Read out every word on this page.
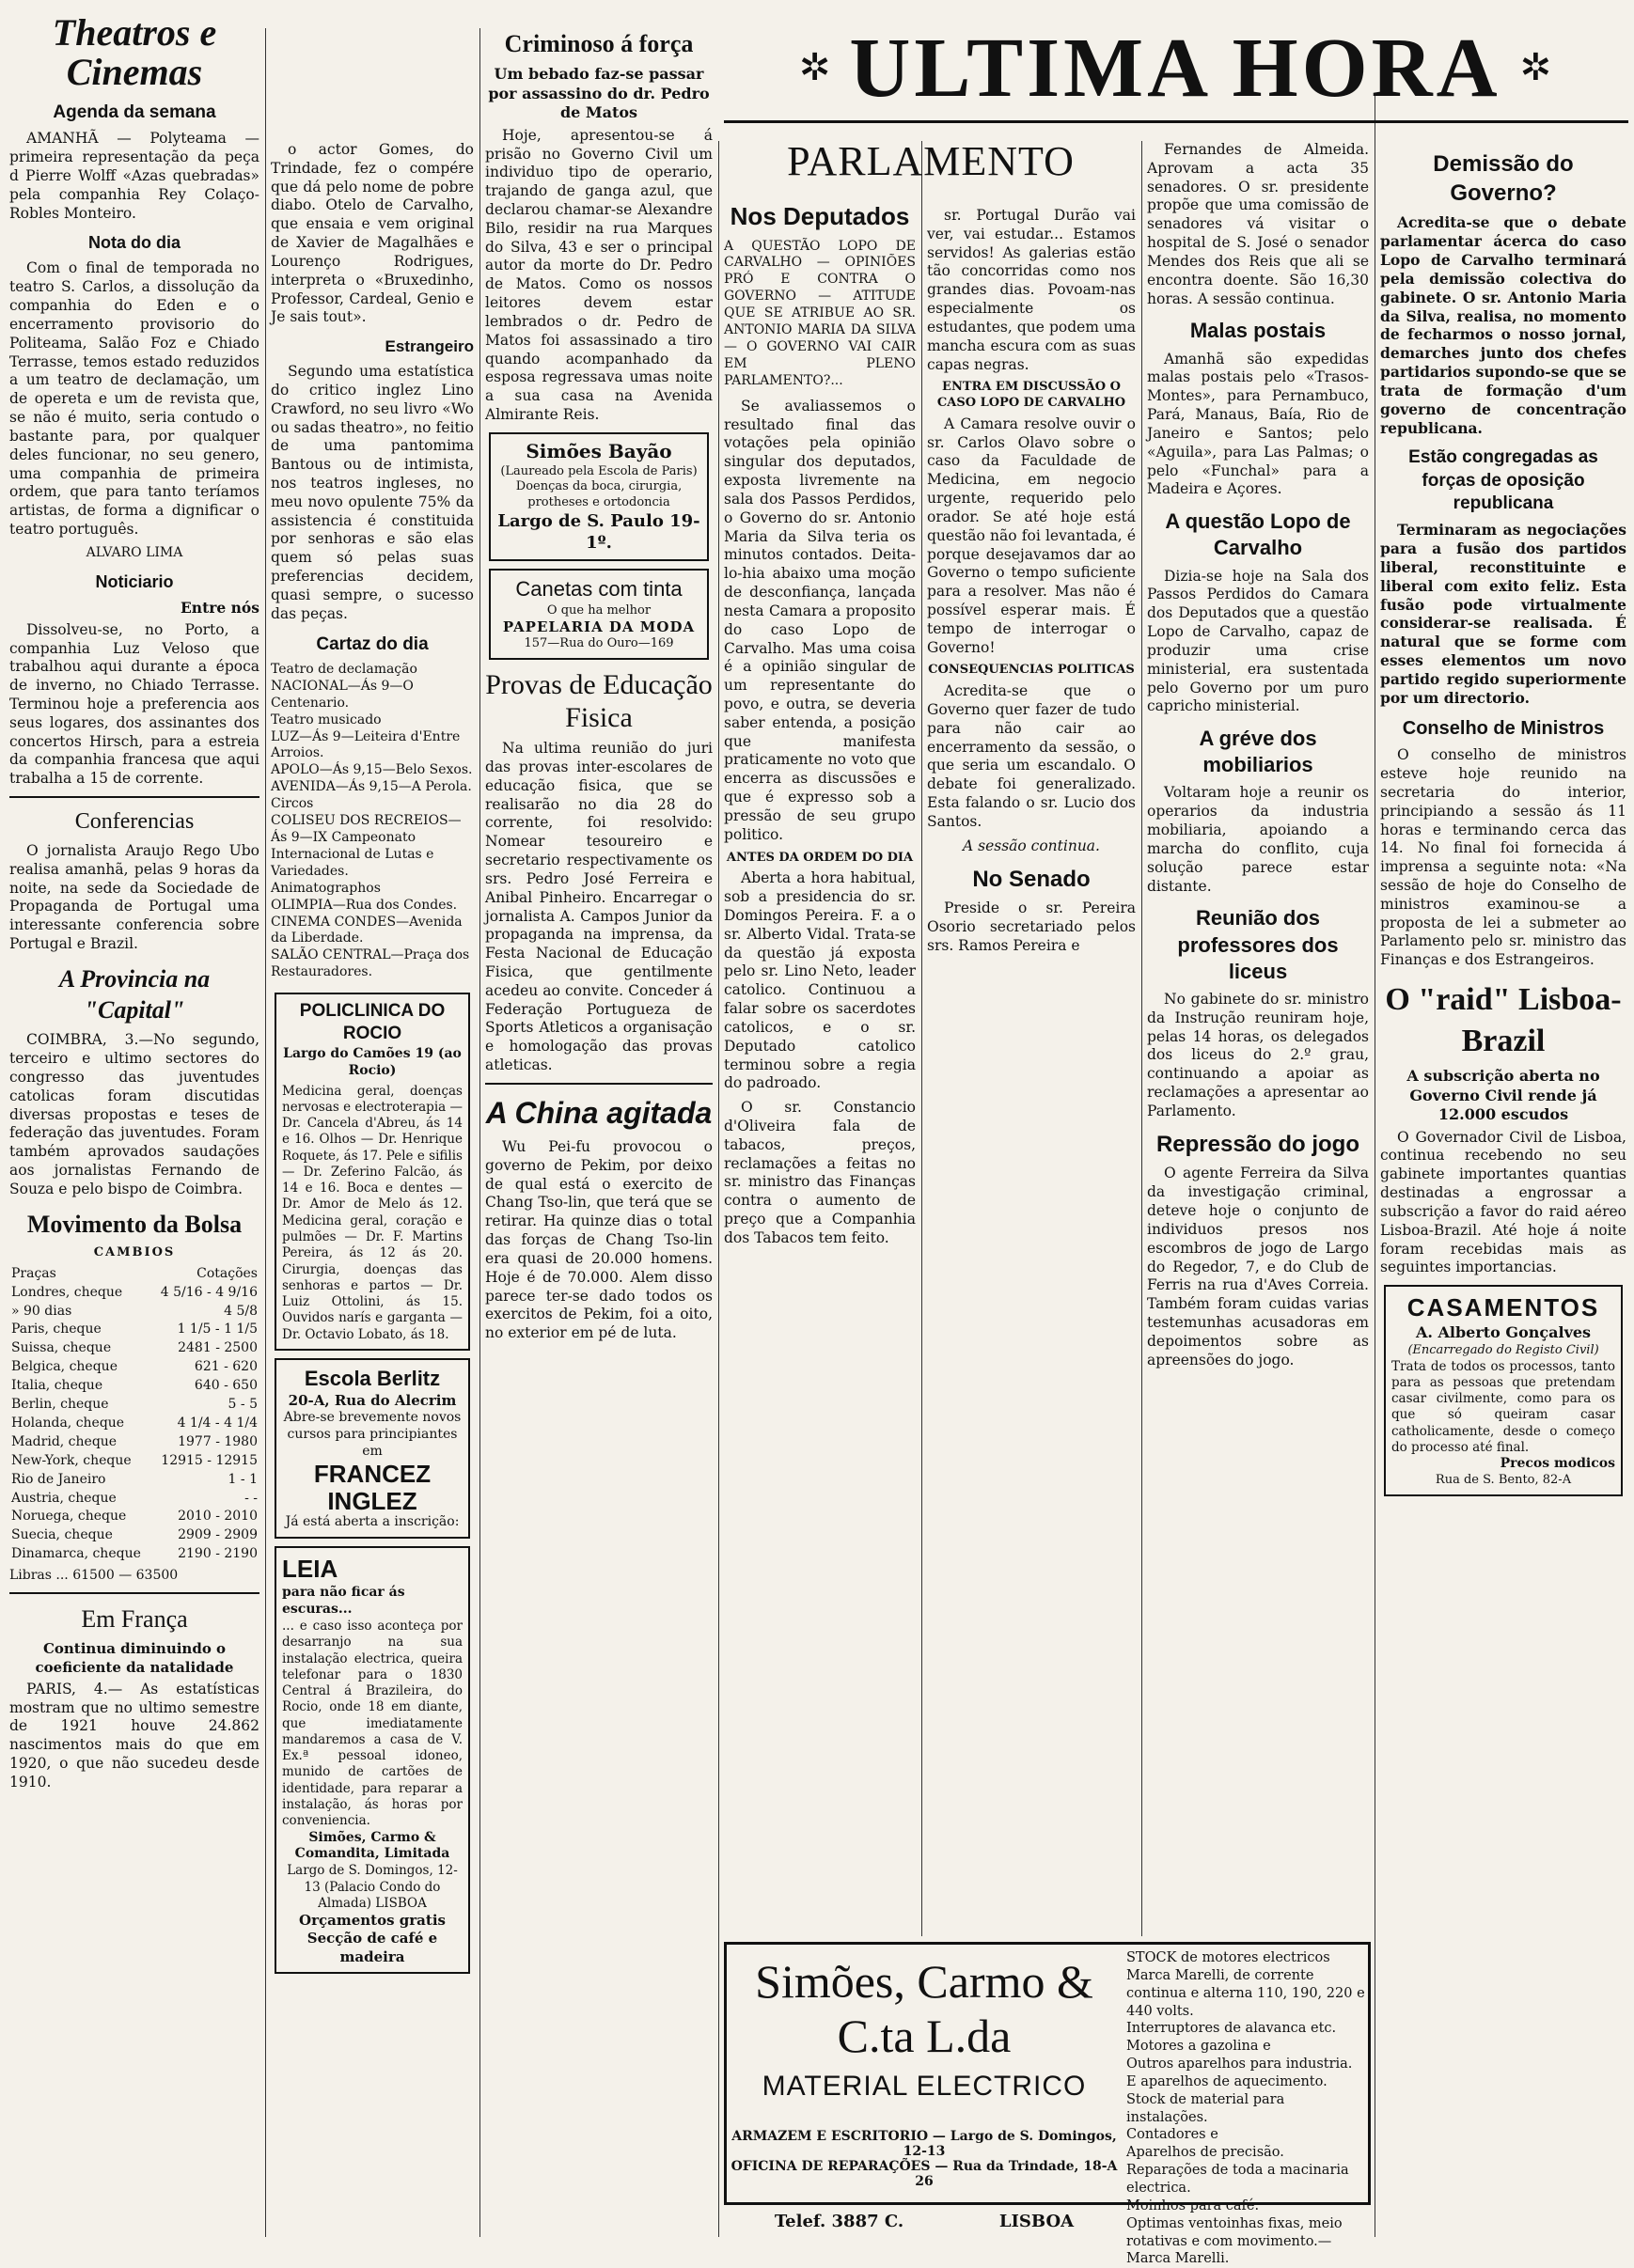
Theatros e Cinemas
Agenda da semana

AMANHÃ — Polyteama — primeira representação da peça d Pierre Wolff «Azas quebradas» pela companhia Rey Colaço-Robles Monteiro.

Nota do dia

Com o final de temporada no teatro S. Carlos, a dissolução da companhia do Eden e o encerramento provisorio do Politeama, Salão Foz e Chiado Terrasse, temos estado reduzidos a um teatro de declamação, um de opereta e um de revista que, se não é muito, seria contudo o bastante para, por qualquer deles funcionar, no seu genero, uma companhia de primeira ordem, que para tanto teríamos artistas, de forma a dignificar o teatro português.

ALVARO LIMA
Noticiario
Entre nós

Dissolveu-se, no Porto, a companhia Luz Veloso que trabalhou aqui durante a época de inverno, no Chiado Terrasse. Terminou hoje a preferencia aos seus logares, dos assinantes dos concertos Hirsch, para a estreia da companhia francesa que aqui trabalha a 15 de corrente.

Conferencias

O jornalista Araujo Rego Ubo realisa amanhã, pelas 9 horas da noite, na sede da Sociedade de Propaganda de Portugal uma interessante conferencia sobre Portugal e Brazil.

A Provincia na "Capital"

COIMBRA, 3.—No segundo, terceiro e ultimo sectores do congresso das juventudes catolicas foram discutidas diversas propostas e teses de federação das juventudes. Foram também aprovados saudações aos jornalistas Fernando de Souza e pelo bispo de Coimbra.

Movimento da Bolsa
CAMBIOS
Praças	Cotações
Londres, cheque	4 5/16 - 4 9/16
» 90 dias	4 5/8
Paris, cheque	1 1/5 - 1 1/5
Suissa, cheque	2481 - 2500
Belgica, cheque	621 - 620
Italia, cheque	640 - 650
Berlin, cheque	5 - 5
Holanda, cheque	4 1/4 - 4 1/4
Madrid, cheque	1977 - 1980
New-York, cheque	12915 - 12915
Rio de Janeiro	1 - 1
Austria, cheque	- -
Noruega, cheque	2010 - 2010
Suecia, cheque	2909 - 2909
Dinamarca, cheque	2190 - 2190
Libras ... 61500 — 63500
Em França
Continua diminuindo o coeficiente da natalidade

PARIS, 4.— As estatísticas mostram que no ultimo semestre de 1921 houve 24.862 nascimentos mais do que em 1920, o que não sucedeu desde 1910.

o actor Gomes, do Trindade, fez o compére que dá pelo nome de pobre diabo. Otelo de Carvalho, que ensaia e vem original de Xavier de Magalhães e Lourenço Rodrigues, interpreta o «Bruxedinho, Professor, Cardeal, Genio e Je sais tout».

Estrangeiro

Segundo uma estatística do critico inglez Lino Crawford, no seu livro «Wo ou sadas theatro», no feitio de uma pantomima Bantous ou de intimista, nos teatros ingleses, no meu novo opulente 75% da assistencia é constituida por senhoras e são elas quem só pelas suas preferencias decidem, quasi sempre, o sucesso das peças.

Cartaz do dia
Teatro de declamação
NACIONAL—Ás 9—O Centenario.
Teatro musicado
LUZ—Ás 9—Leiteira d'Entre Arroios.
APOLO—Ás 9,15—Belo Sexos.
AVENIDA—Ás 9,15—A Perola.
Circos
COLISEU DOS RECREIOS—Ás 9—IX Campeonato Internacional de Lutas e Variedades.
Animatographos
OLIMPIA—Rua dos Condes.
CINEMA CONDES—Avenida da Liberdade.
SALÃO CENTRAL—Praça dos Restauradores.
POLICLINICA DO ROCIO
Largo do Camões 19 (ao Rocio)
Medicina geral, doenças nervosas e electroterapia — Dr. Cancela d'Abreu, ás 14 e 16. Olhos — Dr. Henrique Roquete, ás 17. Pele e sifilis — Dr. Zeferino Falcão, ás 14 e 16. Boca e dentes — Dr. Amor de Melo ás 12. Medicina geral, coração e pulmões — Dr. F. Martins Pereira, ás 12 ás 20. Cirurgia, doenças das senhoras e partos — Dr. Luiz Ottolini, ás 15. Ouvidos narís e garganta — Dr. Octavio Lobato, ás 18.
Escola Berlitz
20-A, Rua do Alecrim
Abre-se brevemente novos cursos para principiantes em
FRANCEZ INGLEZ
Já está aberta a inscrição:
LEIA
para não ficar ás escuras...
... e caso isso aconteça por desarranjo na sua instalação electrica, queira telefonar para o 1830 Central á Brazileira, do Rocio, onde 18 em diante, que imediatamente mandaremos a casa de V. Ex.ª pessoal idoneo, munido de cartões de identidade, para reparar a instalação, ás horas por conveniencia.
Simões, Carmo & Comandita, Limitada
Largo de S. Domingos, 12-13 (Palacio Condo do Almada) LISBOA
Orçamentos gratis
Secção de café e madeira
Criminoso á força
Um bebado faz-se passar por assassino do dr. Pedro de Matos

Hoje, apresentou-se á prisão no Governo Civil um individuo tipo de operario, trajando de ganga azul, que declarou chamar-se Alexandre Bilo, residir na rua Marques do Silva, 43 e ser o principal autor da morte do Dr. Pedro de Matos. Como os nossos leitores devem estar lembrados o dr. Pedro de Matos foi assassinado a tiro quando acompanhado da esposa regressava umas noite a sua casa na Avenida Almirante Reis.

Simões Bayão
(Laureado pela Escola de Paris)
Doenças da boca, cirurgia, protheses e ortodoncia
Largo de S. Paulo 19-1º.
Canetas com tinta
O que ha melhor
PAPELARIA DA MODA
157—Rua do Ouro—169
Provas de Educação Fisica

Na ultima reunião do juri das provas inter-escolares de educação fisica, que se realisarão no dia 28 do corrente, foi resolvido: Nomear tesoureiro e secretario respectivamente os srs. Pedro José Ferreira e Anibal Pinheiro. Encarregar o jornalista A. Campos Junior da propaganda na imprensa, da Festa Nacional de Educação Fisica, que gentilmente acedeu ao convite. Conceder á Federação Portugueza de Sports Atleticos a organisação e homologação das provas atleticas.

A China agitada

Wu Pei-fu provocou o governo de Pekim, por deixo de qual está o exercito de Chang Tso-lin, que terá que se retirar. Ha quinze dias o total das forças de Chang Tso-lin era quasi de 20.000 homens. Hoje é de 70.000. Alem disso parece ter-se dado todos os exercitos de Pekim, foi a oito, no exterior em pé de luta.

✲ ULTIMA HORA ✲
PARLAMENTO
Nos Deputados
A QUESTÃO LOPO DE CARVALHO — OPINIÕES PRÓ E CONTRA O GOVERNO — ATITUDE QUE SE ATRIBUE AO SR. ANTONIO MARIA DA SILVA — O GOVERNO VAI CAIR EM PLENO PARLAMENTO?...

Se avaliassemos o resultado final das votações pela opinião singular dos deputados, exposta livremente na sala dos Passos Perdidos, o Governo do sr. Antonio Maria da Silva teria os minutos contados. Deita-lo-hia abaixo uma moção de desconfiança, lançada nesta Camara a proposito do caso Lopo de Carvalho. Mas uma coisa é a opinião singular de um representante do povo, e outra, se deveria saber entenda, a posição que manifesta praticamente no voto que encerra as discussões e que é expresso sob a pressão de seu grupo politico.

ANTES DA ORDEM DO DIA

Aberta a hora habitual, sob a presidencia do sr. Domingos Pereira. F. a o sr. Alberto Vidal. Trata-se da questão já exposta pelo sr. Lino Neto, leader catolico. Continuou a falar sobre os sacerdotes catolicos, e o sr. Deputado catolico terminou sobre a regia do padroado.

O sr. Constancio d'Oliveira fala de tabacos, preços, reclamações a feitas no sr. ministro das Finanças contra o aumento de preço que a Companhia dos Tabacos tem feito.

sr. Portugal Durão vai ver, vai estudar... Estamos servidos! As galerias estão tão concorridas como nos grandes dias. Povoam-nas especialmente os estudantes, que podem uma mancha escura com as suas capas negras.

ENTRA EM DISCUSSÃO O CASO LOPO DE CARVALHO

A Camara resolve ouvir o sr. Carlos Olavo sobre o caso da Faculdade de Medicina, em negocio urgente, requerido pelo orador. Se até hoje está questão não foi levantada, é porque desejavamos dar ao Governo o tempo suficiente para a resolver. Mas não é possível esperar mais. É tempo de interrogar o Governo!

CONSEQUENCIAS POLITICAS

Acredita-se que o Governo quer fazer de tudo para não cair ao encerramento da sessão, o que seria um escandalo. O debate foi generalizado. Esta falando o sr. Lucio dos Santos.

A sessão continua.
No Senado

Preside o sr. Pereira Osorio secretariado pelos srs. Ramos Pereira e

Fernandes de Almeida. Aprovam a acta 35 senadores. O sr. presidente propõe que uma comissão de senadores vá visitar o hospital de S. José o senador Mendes dos Reis que ali se encontra doente. São 16,30 horas. A sessão continua.

Malas postais

Amanhã são expedidas malas postais pelo «Trasos-Montes», para Pernambuco, Pará, Manaus, Baía, Rio de Janeiro e Santos; pelo «Aguila», para Las Palmas; o pelo «Funchal» para a Madeira e Açores.

A questão Lopo de Carvalho

Dizia-se hoje na Sala dos Passos Perdidos do Camara dos Deputados que a questão Lopo de Carvalho, capaz de produzir uma crise ministerial, era sustentada pelo Governo por um puro capricho ministerial.

A gréve dos mobiliarios

Voltaram hoje a reunir os operarios da industria mobiliaria, apoiando a marcha do conflito, cuja solução parece estar distante.

Reunião dos professores dos liceus

No gabinete do sr. ministro da Instrução reuniram hoje, pelas 14 horas, os delegados dos liceus do 2.º grau, continuando a apoiar as reclamações a apresentar ao Parlamento.

Repressão do jogo

O agente Ferreira da Silva da investigação criminal, deteve hoje o conjunto de individuos presos nos escombros de jogo de Largo do Regedor, 7, e do Club de Ferris na rua d'Aves Correia. Também foram cuidas varias testemunhas acusadoras em depoimentos sobre as apreensões do jogo.

Demissão do Governo?

Acredita-se que o debate parlamentar ácerca do caso Lopo de Carvalho terminará pela demissão colectiva do gabinete. O sr. Antonio Maria da Silva, realisa, no momento de fecharmos o nosso jornal, demarches junto dos chefes partidarios supondo-se que se trata de formação d'um governo de concentração republicana.

Estão congregadas as forças de oposição republicana

Terminaram as negociações para a fusão dos partidos liberal, reconstituinte e liberal com exito feliz. Esta fusão pode virtualmente considerar-se realisada. É natural que se forme com esses elementos um novo partido regido superiormente por um directorio.

Conselho de Ministros

O conselho de ministros esteve hoje reunido na secretaria do interior, principiando a sessão ás 11 horas e terminando cerca das 14. No final foi fornecida á imprensa a seguinte nota: «Na sessão de hoje do Conselho de ministros examinou-se a proposta de lei a submeter ao Parlamento pelo sr. ministro das Finanças e dos Estrangeiros.

O "raid" Lisboa-Brazil
A subscrição aberta no Governo Civil rende já 12.000 escudos

O Governador Civil de Lisboa, continua recebendo no seu gabinete importantes quantias destinadas a engrossar a subscrição a favor do raid aéreo Lisboa-Brazil. Até hoje á noite foram recebidas mais as seguintes importancias.

CASAMENTOS
A. Alberto Gonçalves
(Encarregado do Registo Civil)
Trata de todos os processos, tanto para as pessoas que pretendam casar civilmente, como para os que só queiram casar catholicamente, desde o começo do processo até final.
Precos modicos
Rua de S. Bento, 82-A
Simões, Carmo & C.ta L.da
MATERIAL ELECTRICO
ARMAZEM E ESCRITORIO — Largo de S. Domingos, 12-13
OFICINA DE REPARAÇÕES — Rua da Trindade, 18-A 26
Telef. 3887 C.	LISBOA
STOCK de motores electricos Marca Marelli, de corrente continua e alterna 110, 190, 220 e 440 volts.
Interruptores de alavanca etc.
Motores a gazolina e
Outros aparelhos para industria.
E aparelhos de aquecimento.
Stock de material para instalações.
Contadores e
Aparelhos de precisão.
Reparações de toda a macinaria electrica.
Moinhos para café.
Optimas ventoinhas fixas, meio rotativas e com movimento.—Marca Marelli.
